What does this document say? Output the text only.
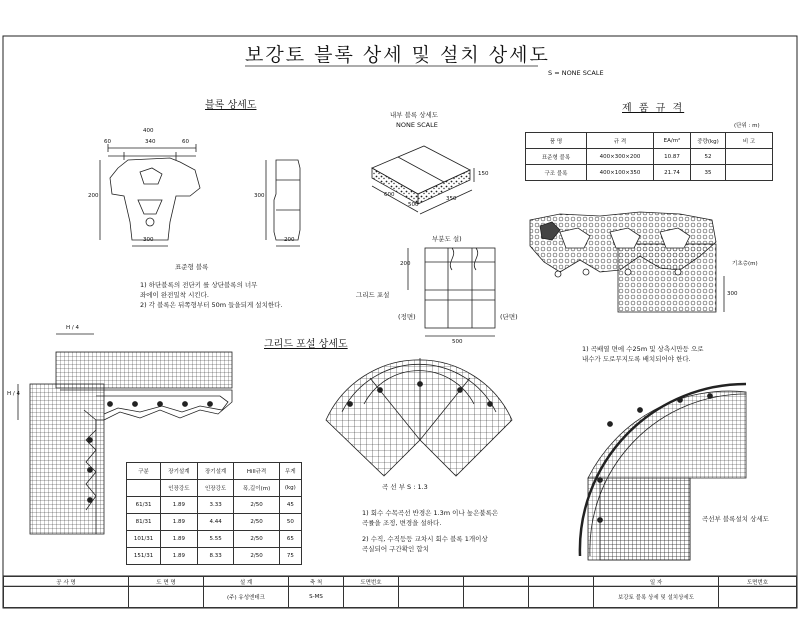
보강토 블록 상세 및 설치 상세도
S = NONE SCALE
블록 상세도
400
60	340	60
200
300
300
200
표준형 블록
1) 하단블록의 전단키 를 상단블록의 너무
좌에이 완전밀착 시킨다.
2) 각 블록은 뒤쪽형부터 50m 들을되게 설치한다.
내부 블록 상세도
NONE SCALE
600
500
350
150
부분도 설)
그리드 포설
(정면)	(단면)
200
500
제 품 규 격
(단위 : m)
품 명	규 격	EA/m²	중량(kg)	비 고
표준형 블록	400×300×200	10.87	52	
구조 블록	400×100×350	21.74	35	
기초층(m)
300
그리드 포설 상세도
H / 4
H / 4
곡 선 부 S : 1.3
1) 회수 수목곡선 반경은 1.3m 이나 높은불록은
곡률을 조정, 변경을 설하다.
2) 수직, 수직등등 교차시 회수 블록 1개이상
곡실되어 구간확인 합치
1) 곡배열 면에 수25m 및 상측시만등 으로
내수가 도로무지도록 배치되어야 한다.
곡선부 블록설치 상세도
구분	장기설계	장기설계	Hill규격	무게
	인장강도	인장강도	폭,길이(m)	(kg)
61/31	1.89	3.33	2/50	45
81/31	1.89	4.44	2/50	50
101/31	1.89	5.55	2/50	65
151/31	1.89	8.33	2/50	75
공 사 명	도 면 명	설 계	축 척	도면번호				일 자	도면번호
		(주) 유성엔테크	S-MS					보강토 블록 상세 및 설치상세도	
